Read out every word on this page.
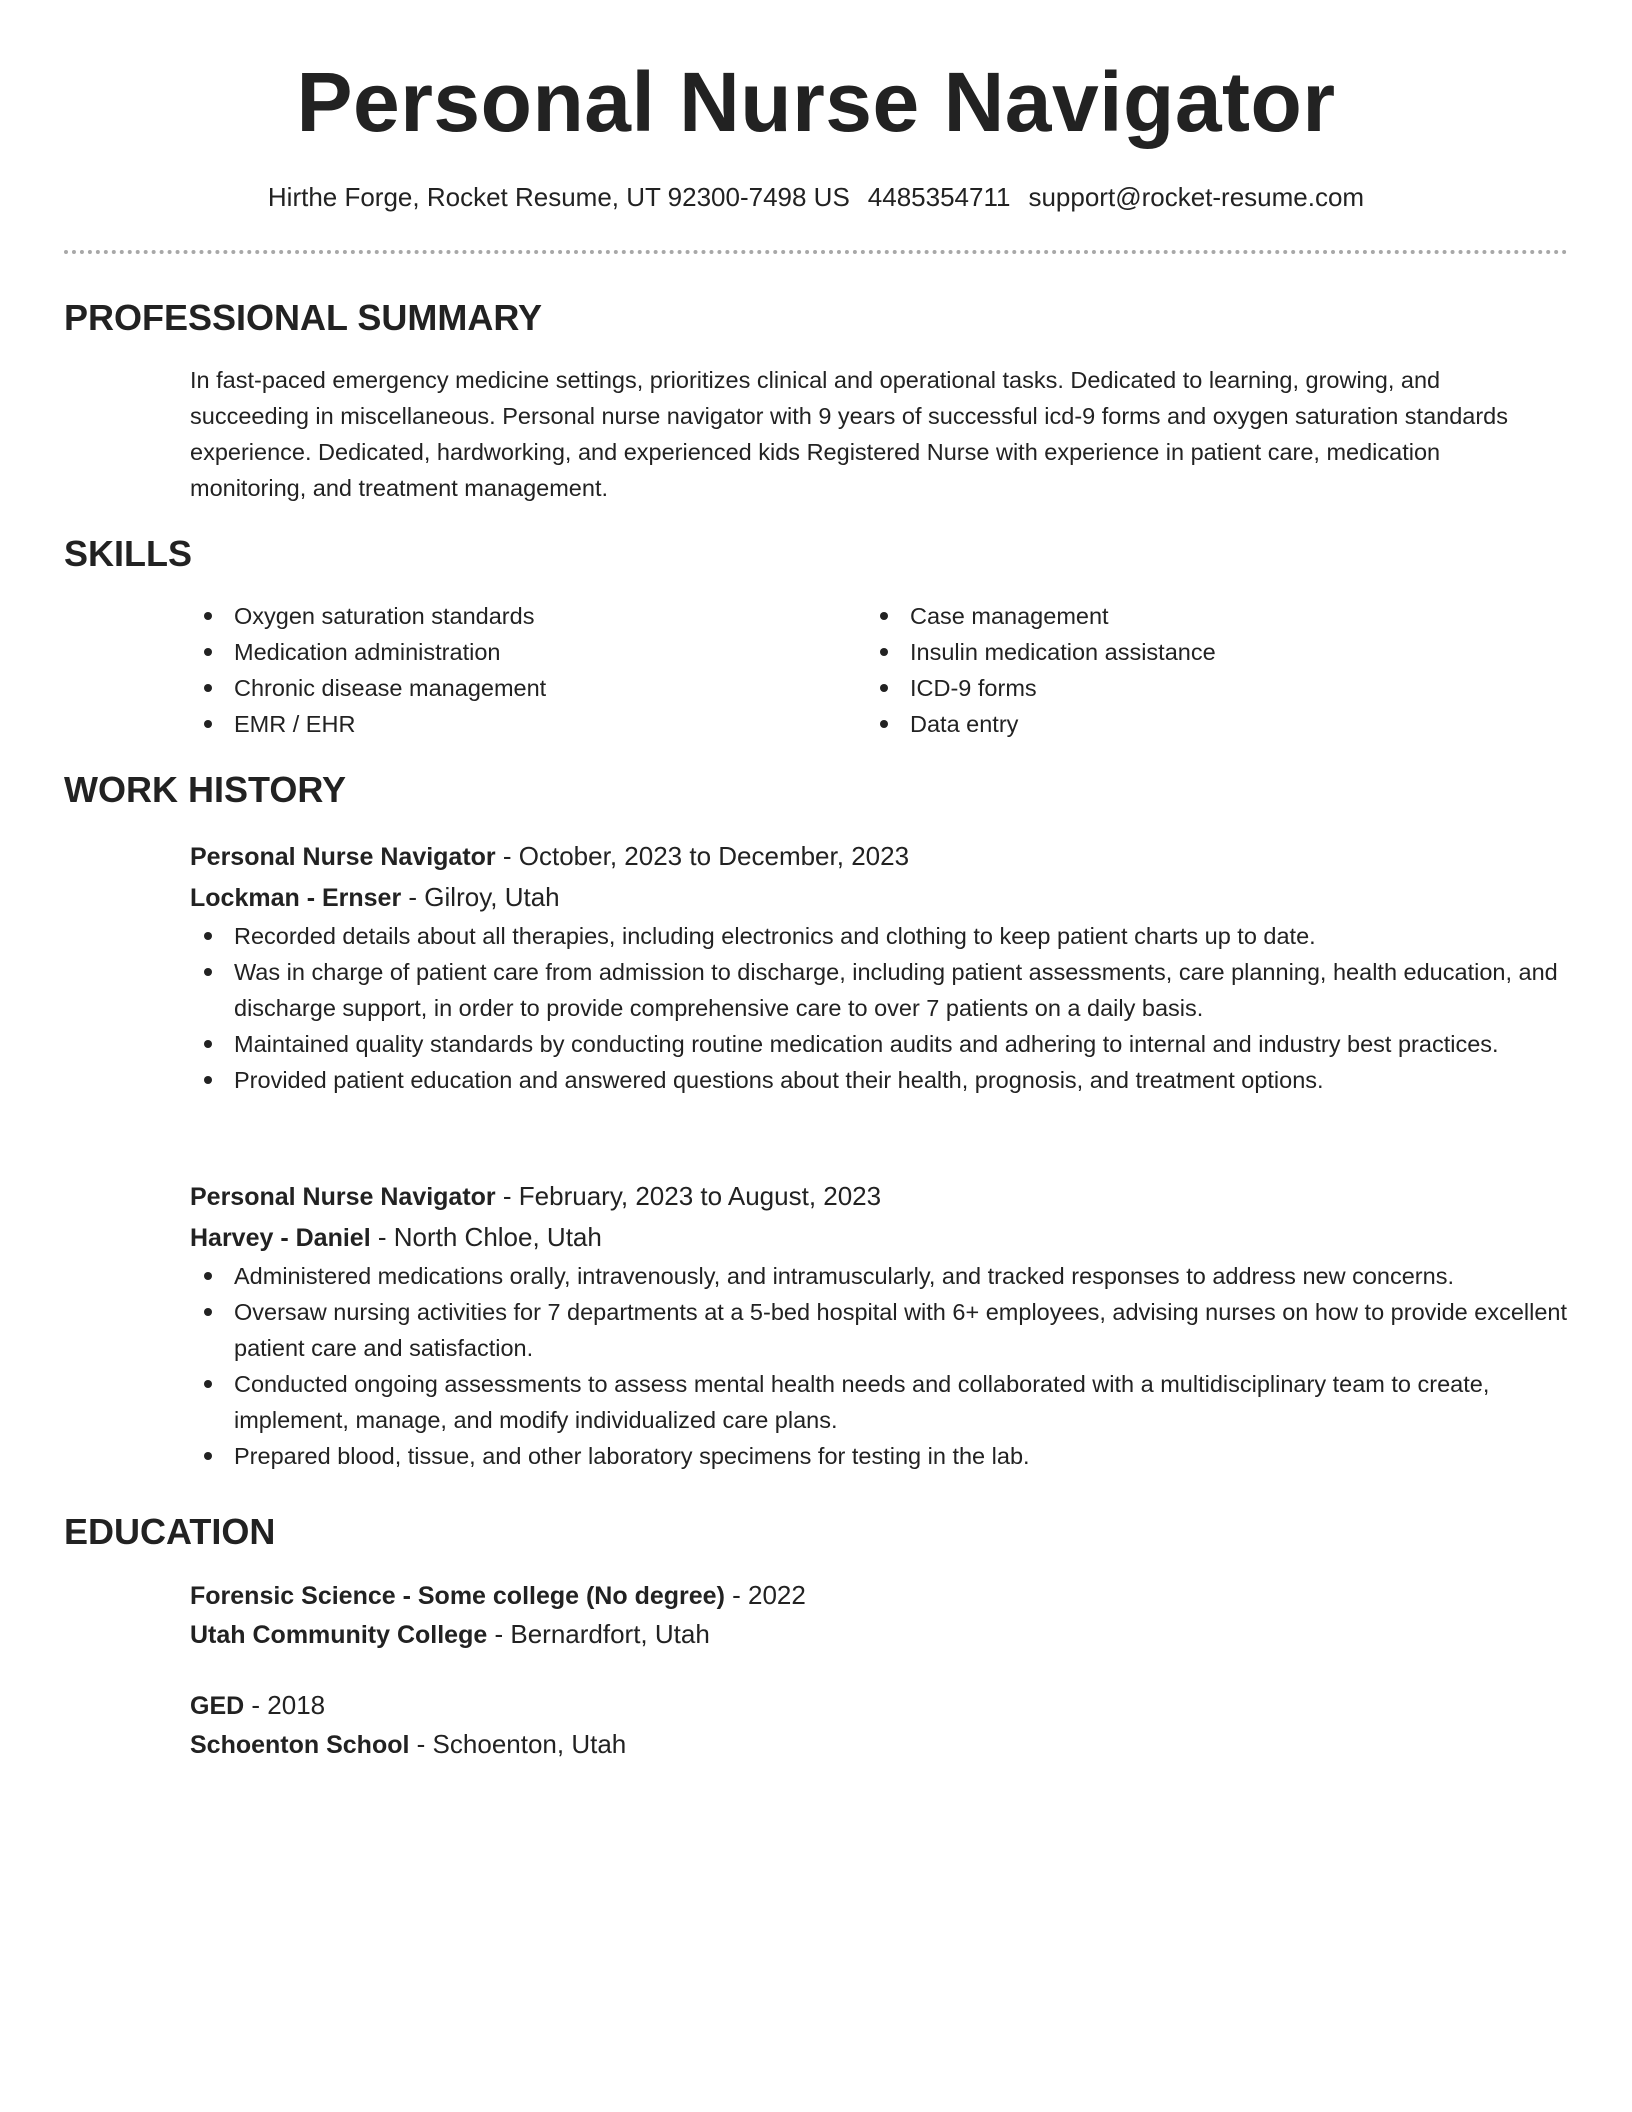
Personal Nurse Navigator
Hirthe Forge, Rocket Resume, UT 92300-7498 US 4485354711 support@rocket-resume.com
PROFESSIONAL SUMMARY
In fast-paced emergency medicine settings, prioritizes clinical and operational tasks. Dedicated to learning, growing, and succeeding in miscellaneous. Personal nurse navigator with 9 years of successful icd-9 forms and oxygen saturation standards experience. Dedicated, hardworking, and experienced kids Registered Nurse with experience in patient care, medication monitoring, and treatment management.
SKILLS
Oxygen saturation standards
Medication administration
Chronic disease management
EMR / EHR
Case management
Insulin medication assistance
ICD-9 forms
Data entry
WORK HISTORY
Personal Nurse Navigator - October, 2023 to December, 2023
Lockman - Ernser - Gilroy, Utah
Recorded details about all therapies, including electronics and clothing to keep patient charts up to date.
Was in charge of patient care from admission to discharge, including patient assessments, care planning, health education, and discharge support, in order to provide comprehensive care to over 7 patients on a daily basis.
Maintained quality standards by conducting routine medication audits and adhering to internal and industry best practices.
Provided patient education and answered questions about their health, prognosis, and treatment options.
Personal Nurse Navigator - February, 2023 to August, 2023
Harvey - Daniel - North Chloe, Utah
Administered medications orally, intravenously, and intramuscularly, and tracked responses to address new concerns.
Oversaw nursing activities for 7 departments at a 5-bed hospital with 6+ employees, advising nurses on how to provide excellent patient care and satisfaction.
Conducted ongoing assessments to assess mental health needs and collaborated with a multidisciplinary team to create, implement, manage, and modify individualized care plans.
Prepared blood, tissue, and other laboratory specimens for testing in the lab.
EDUCATION
Forensic Science - Some college (No degree) - 2022
Utah Community College - Bernardfort, Utah
GED - 2018
Schoenton School - Schoenton, Utah
